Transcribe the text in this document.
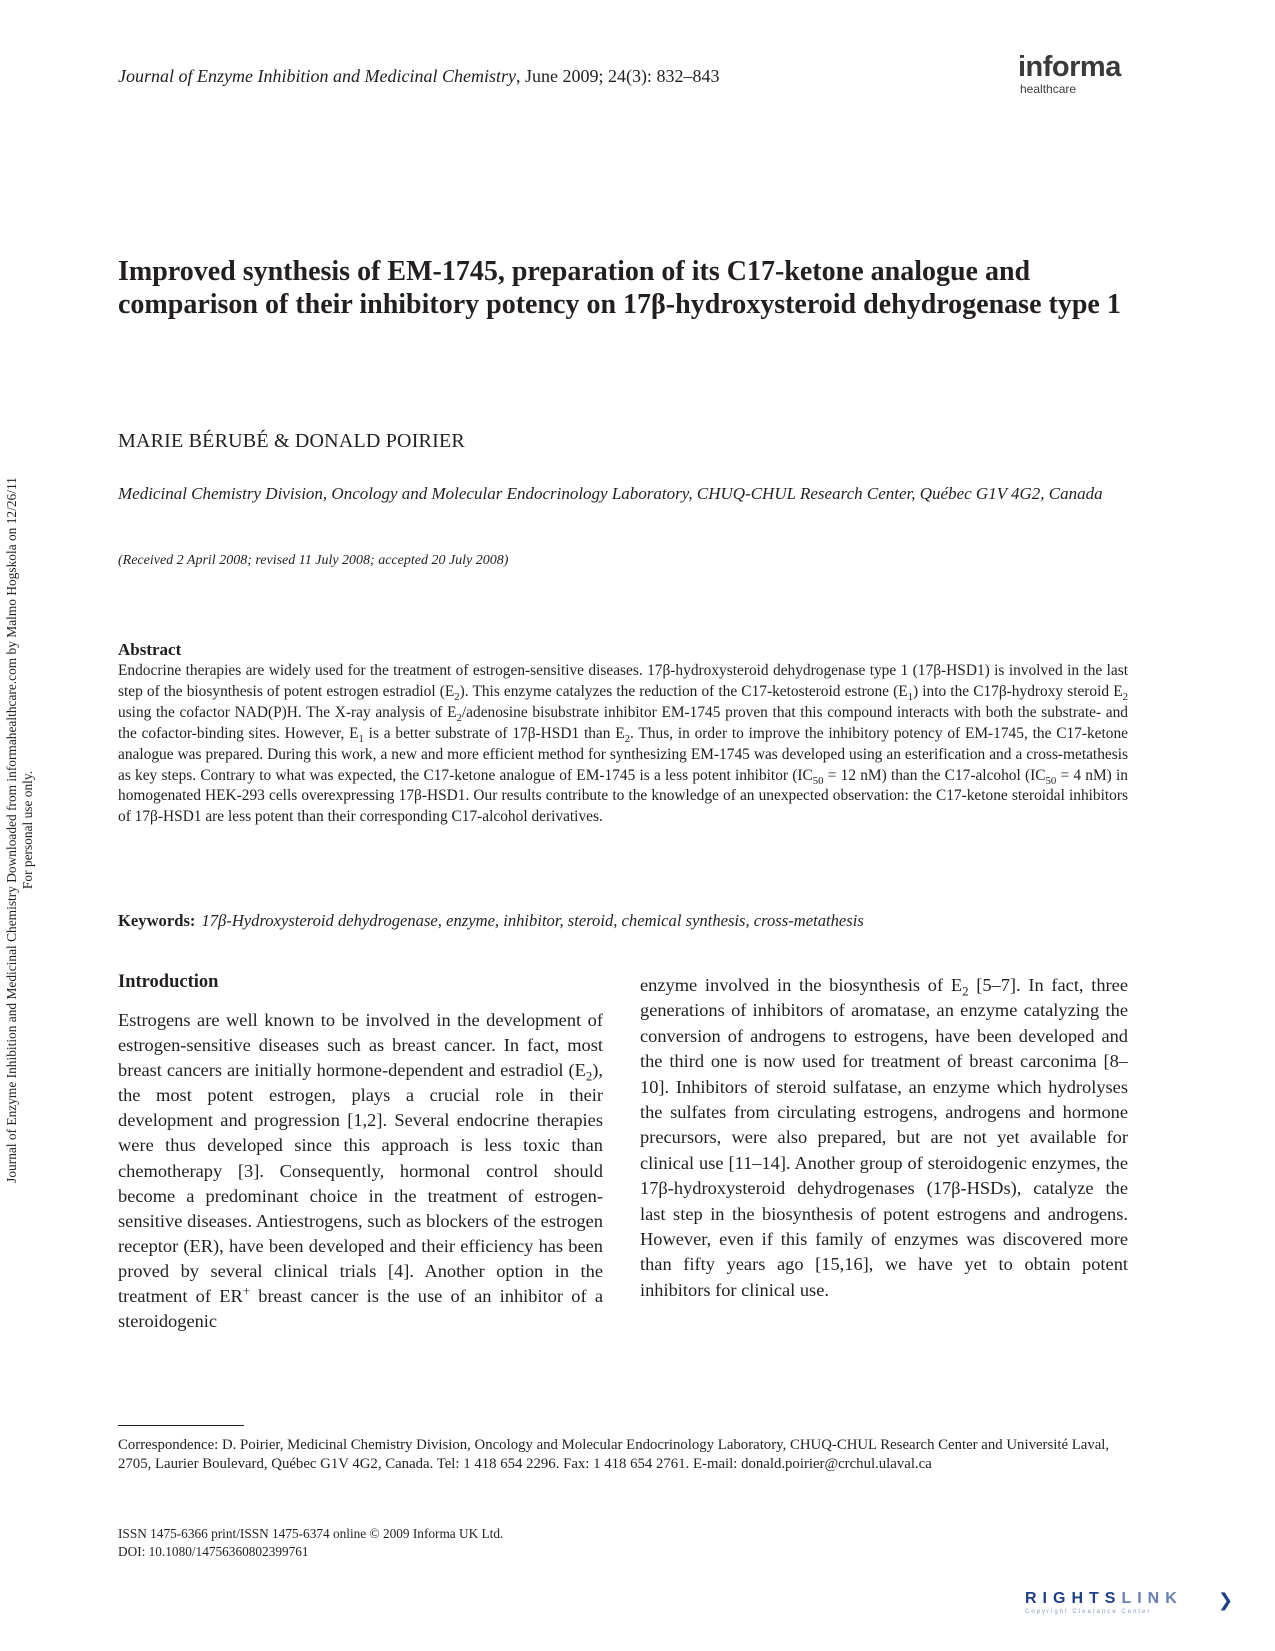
Journal of Enzyme Inhibition and Medicinal Chemistry, June 2009; 24(3): 832–843	informa
healthcare
Improved synthesis of EM-1745, preparation of its C17-ketone analogue and comparison of their inhibitory potency on 17β-hydroxysteroid dehydrogenase type 1
MARIE BÉRUBÉ & DONALD POIRIER
Medicinal Chemistry Division, Oncology and Molecular Endocrinology Laboratory, CHUQ-CHUL Research Center, Québec G1V 4G2, Canada
(Received 2 April 2008; revised 11 July 2008; accepted 20 July 2008)
Abstract
Endocrine therapies are widely used for the treatment of estrogen-sensitive diseases. 17β-hydroxysteroid dehydrogenase type 1 (17β-HSD1) is involved in the last step of the biosynthesis of potent estrogen estradiol $(E_2)$. This enzyme catalyzes the reduction of the C17-ketosteroid estrone $(E_1)$ into the C17β-hydroxy steroid $E_2$ using the cofactor NAD(P)H. The X-ray analysis of $E_2$/adenosine bisubstrate inhibitor EM-1745 proven that this compound interacts with both the substrate- and the cofactor-binding sites. However, $E_1$ is a better substrate of 17β-HSD1 than $E_2$. Thus, in order to improve the inhibitory potency of EM-1745, the C17-ketone analogue was prepared. During this work, a new and more efficient method for synthesizing EM-1745 was developed using an esterification and a cross-metathesis as key steps. Contrary to what was expected, the C17-ketone analogue of EM-1745 is a less potent inhibitor ($IC_{50} = 12$ nM) than the C17-alcohol ($IC_{50} = 4$ nM) in homogenated HEK-293 cells overexpressing 17β-HSD1. Our results contribute to the knowledge of an unexpected observation: the C17-ketone steroidal inhibitors of 17β-HSD1 are less potent than their corresponding C17-alcohol derivatives.
Keywords: 17β-Hydroxysteroid dehydrogenase, enzyme, inhibitor, steroid, chemical synthesis, cross-metathesis
Introduction
Estrogens are well known to be involved in the development of estrogen-sensitive diseases such as breast cancer. In fact, most breast cancers are initially hormone-dependent and estradiol $(E_2)$, the most potent estrogen, plays a crucial role in their development and progression [1,2]. Several endocrine therapies were thus developed since this approach is less toxic than chemotherapy [3]. Consequently, hormonal control should become a predominant choice in the treatment of estrogen-sensitive diseases. Antiestrogens, such as blockers of the estrogen receptor (ER), have been developed and their efficiency has been proved by several clinical trials [4]. Another option in the treatment of ER+ breast cancer is the use of an inhibitor of a steroidogenic
enzyme involved in the biosynthesis of $E_2$ [5–7]. In fact, three generations of inhibitors of aromatase, an enzyme catalyzing the conversion of androgens to estrogens, have been developed and the third one is now used for treatment of breast carconima [8–10]. Inhibitors of steroid sulfatase, an enzyme which hydrolyses the sulfates from circulating estrogens, androgens and hormone precursors, were also prepared, but are not yet available for clinical use [11–14]. Another group of steroidogenic enzymes, the 17β-hydroxysteroid dehydrogenases (17β-HSDs), catalyze the last step in the biosynthesis of potent estrogens and androgens. However, even if this family of enzymes was discovered more than fifty years ago [15,16], we have yet to obtain potent inhibitors for clinical use.
Correspondence: D. Poirier, Medicinal Chemistry Division, Oncology and Molecular Endocrinology Laboratory, CHUQ-CHUL Research Center and Université Laval, 2705, Laurier Boulevard, Québec G1V 4G2, Canada. Tel: 1 418 654 2296. Fax: 1 418 654 2761. E-mail: donald.poirier@crchul.ulaval.ca
ISSN 1475-6366 print/ISSN 1475-6374 online © 2009 Informa UK Ltd.
DOI: 10.1080/14756360802399761
Journal of Enzyme Inhibition and Medicinal Chemistry Downloaded from informahealthcare.com by Malmo Hogskola on 12/26/11 For personal use only.
RIGHTSLINK
Copyright Clearance Center
❯
